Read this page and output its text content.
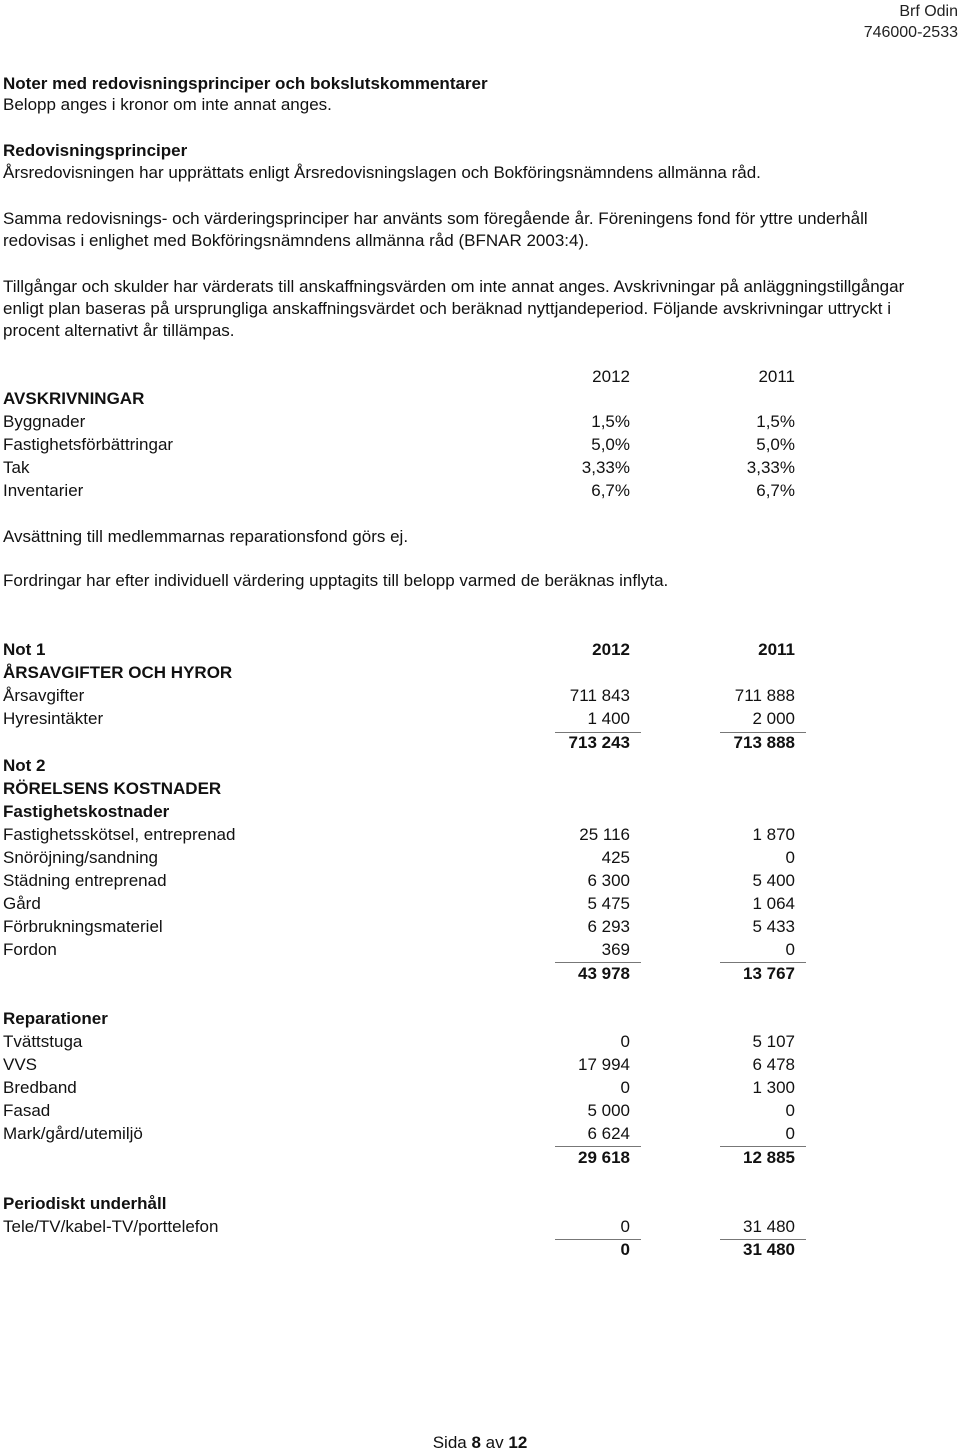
Brf Odin
746000-2533
Noter med redovisningsprinciper och bokslutskommentarer
Belopp anges i kronor om inte annat anges.
Redovisningsprinciper
Årsredovisningen har upprättats enligt Årsredovisningslagen och Bokföringsnämndens allmänna råd.
Samma redovisnings- och värderingsprinciper har använts som föregående år. Föreningens fond för yttre underhåll
redovisas i enlighet med Bokföringsnämndens allmänna råd (BFNAR 2003:4).
Tillgångar och skulder har värderats till anskaffningsvärden om inte annat anges. Avskrivningar på anläggningstillgångar
enligt plan baseras på ursprungliga anskaffningsvärdet och beräknad nyttjandeperiod. Följande avskrivningar uttryckt i
procent alternativt år tillämpas.
2012	2011
AVSKRIVNINGAR
Byggnader	1,5%	1,5%
Fastighetsförbättringar	5,0%	5,0%
Tak	3,33%	3,33%
Inventarier	6,7%	6,7%
Avsättning till medlemmarnas reparationsfond görs ej.
Fordringar har efter individuell värdering upptagits till belopp varmed de beräknas inflyta.
Not 1	2012	2011
ÅRSAVGIFTER OCH HYROR
Årsavgifter	711 843	711 888
Hyresintäkter	1 400	2 000
713 243	713 888
Not 2
RÖRELSENS KOSTNADER
Fastighetskostnader
Fastighetsskötsel, entreprenad	25 116	1 870
Snöröjning/sandning	425	0
Städning entreprenad	6 300	5 400
Gård	5 475	1 064
Förbrukningsmateriel	6 293	5 433
Fordon	369	0
43 978	13 767
Reparationer
Tvättstuga	0	5 107
VVS	17 994	6 478
Bredband	0	1 300
Fasad	5 000	0
Mark/gård/utemiljö	6 624	0
29 618	12 885
Periodiskt underhåll
Tele/TV/kabel-TV/porttelefon	0	31 480
0	31 480
Sida 8 av 12
